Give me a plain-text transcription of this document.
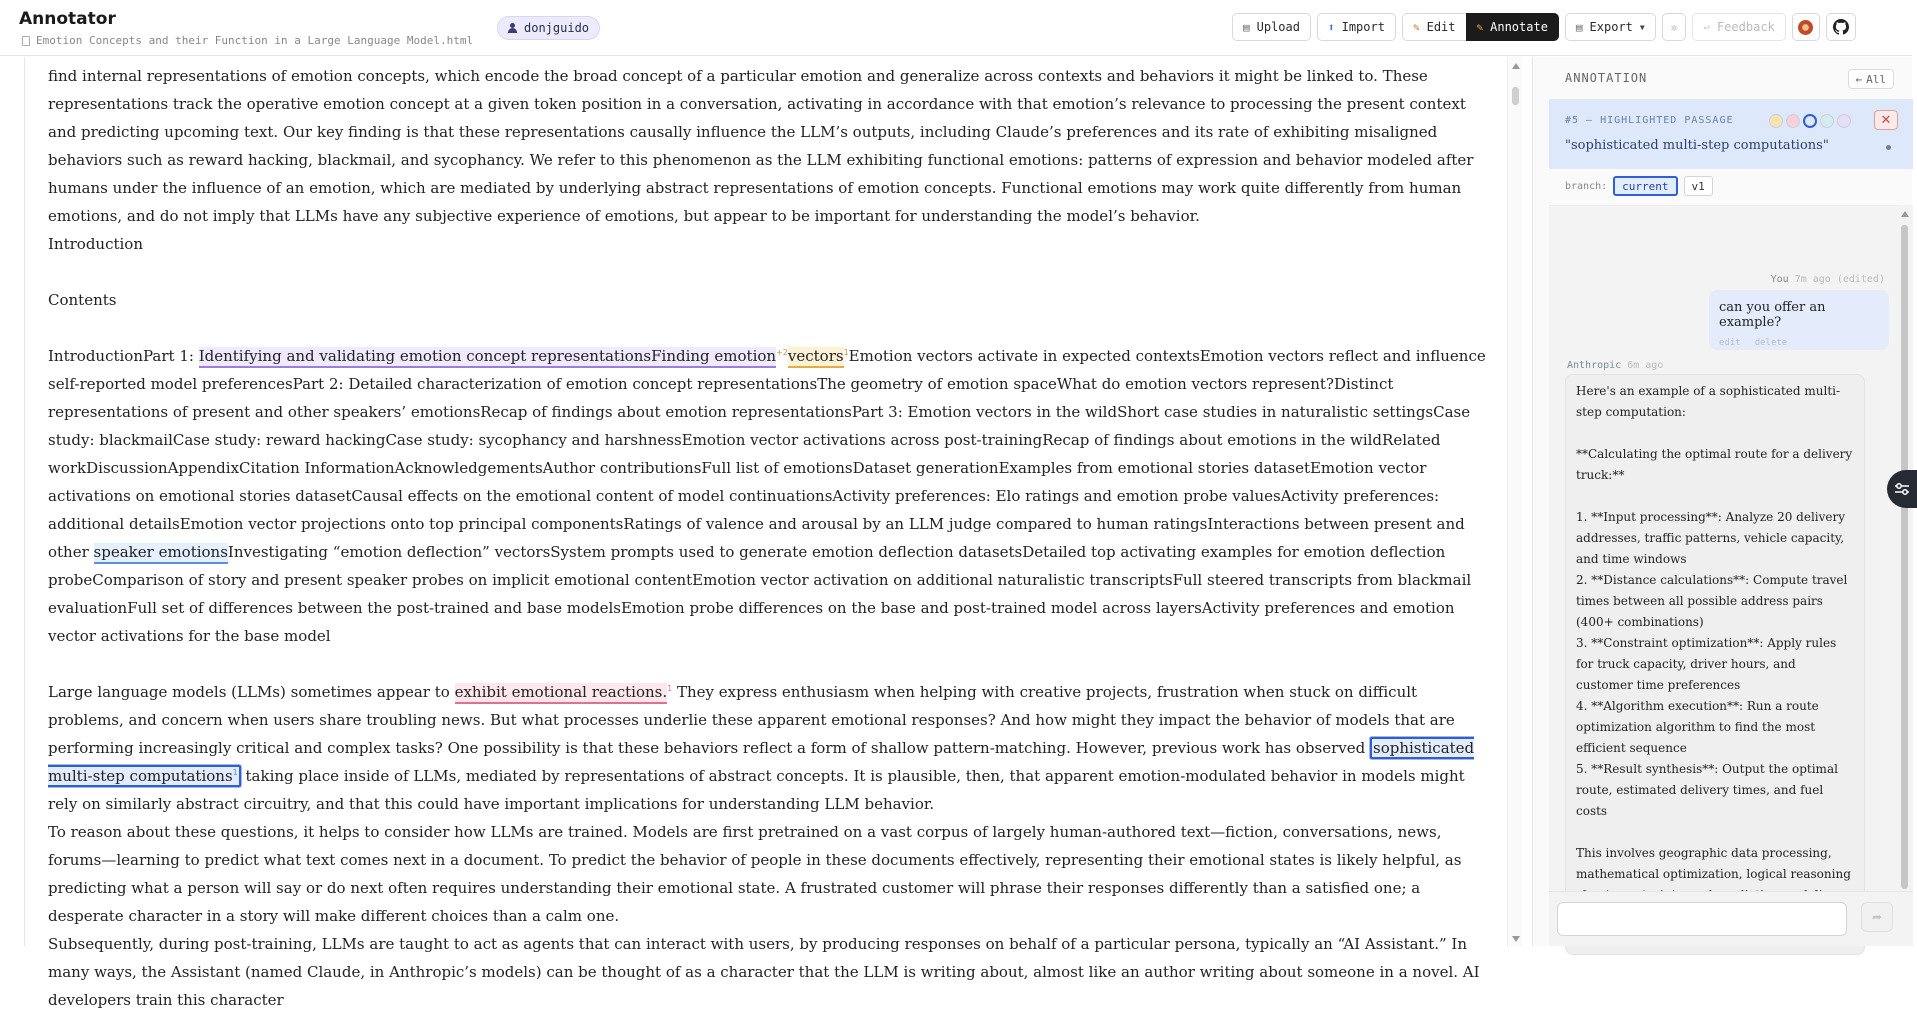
Annotator
Emotion Concepts and their Function in a Large Language Model.html
donjguido	▤ Upload	⬆ Import	✎ Edit ✎ Annotate	▤ Export ▼ ✲ ↩ Feedback

find internal representations of emotion concepts, which encode the broad concept of a particular emotion and generalize across contexts and behaviors it might be linked to. These representations track the operative emotion concept at a given token position in a conversation, activating in accordance with that emotion’s relevance to processing the present context and predicting upcoming text. Our key finding is that these representations causally influence the LLM’s outputs, including Claude’s preferences and its rate of exhibiting misaligned behaviors such as reward hacking, blackmail, and sycophancy. We refer to this phenomenon as the LLM exhibiting functional emotions: patterns of expression and behavior modeled after humans under the influence of an emotion, which are mediated by underlying abstract representations of emotion concepts. Functional emotions may work quite differently from human emotions, and do not imply that LLMs have any subjective experience of emotions, but appear to be important for understanding the model’s behavior.

Introduction

Contents

IntroductionPart 1: Identifying and validating emotion concept representationsFinding emotion$^{+2}$vectors$^1$Emotion vectors activate in expected contextsEmotion vectors reflect and influence self-reported model preferencesPart 2: Detailed characterization of emotion concept representationsThe geometry of emotion spaceWhat do emotion vectors represent?Distinct representations of present and other speakers’ emotionsRecap of findings about emotion representationsPart 3: Emotion vectors in the wildShort case studies in naturalistic settingsCase study: blackmailCase study: reward hackingCase study: sycophancy and harshnessEmotion vector activations across post-trainingRecap of findings about emotions in the wildRelated workDiscussionAppendixCitation InformationAcknowledgementsAuthor contributionsFull list of emotionsDataset generationExamples from emotional stories datasetEmotion vector activations on emotional stories datasetCausal effects on the emotional content of model continuationsActivity preferences: Elo ratings and emotion probe valuesActivity preferences: additional detailsEmotion vector projections onto top principal componentsRatings of valence and arousal by an LLM judge compared to human ratingsInteractions between present and other speaker emotionsInvestigating “emotion deflection” vectorsSystem prompts used to generate emotion deflection datasetsDetailed top activating examples for emotion deflection probeComparison of story and present speaker probes on implicit emotional contentEmotion vector activation on additional naturalistic transcriptsFull steered transcripts from blackmail evaluationFull set of differences between the post-trained and base modelsEmotion probe differences on the base and post-trained model across layersActivity preferences and emotion vector activations for the base model

Large language models (LLMs) sometimes appear to exhibit emotional reactions.$^1$ They express enthusiasm when helping with creative projects, frustration when stuck on difficult problems, and concern when users share troubling news. But what processes underlie these apparent emotional responses? And how might they impact the behavior of models that are performing increasingly critical and complex tasks? One possibility is that these behaviors reflect a form of shallow pattern-matching. However, previous work has observed sophisticated multi-step computations$^1$ taking place inside of LLMs, mediated by representations of abstract concepts. It is plausible, then, that apparent emotion-modulated behavior in models might rely on similarly abstract circuitry, and that this could have important implications for understanding LLM behavior.

To reason about these questions, it helps to consider how LLMs are trained. Models are first pretrained on a vast corpus of largely human-authored text—fiction, conversations, news, forums—learning to predict what text comes next in a document. To predict the behavior of people in these documents effectively, representing their emotional states is likely helpful, as predicting what a person will say or do next often requires understanding their emotional state. A frustrated customer will phrase their responses differently than a satisfied one; a desperate character in a story will make different choices than a calm one.

Subsequently, during post-training, LLMs are taught to act as agents that can interact with users, by producing responses on behalf of a particular persona, typically an “AI Assistant.” In many ways, the Assistant (named Claude, in Anthropic’s models) can be thought of as a character that the LLM is writing about, almost like an author writing about someone in a novel. AI developers train this character

ANNOTATION	← All
#5 — HIGHLIGHTED PASSAGE	✕
"sophisticated multi-step computations"
branch:	current	v1
You 7m ago (edited)
can you offer an example?
edit delete
Anthropic 6m ago
Here's an example of a sophisticated multi-step computation:

**Calculating the optimal route for a delivery truck:**

1. **Input processing**: Analyze 20 delivery addresses, traffic patterns, vehicle capacity, and time windows
2. **Distance calculations**: Compute travel times between all possible address pairs (400+ combinations)
3. **Constraint optimization**: Apply rules for truck capacity, driver hours, and customer time preferences
4. **Algorithm execution**: Run a route optimization algorithm to find the most efficient sequence
5. **Result synthesis**: Output the optimal route, estimated delivery times, and fuel costs

This involves geographic data processing, mathematical optimization, logical reasoning
➦
